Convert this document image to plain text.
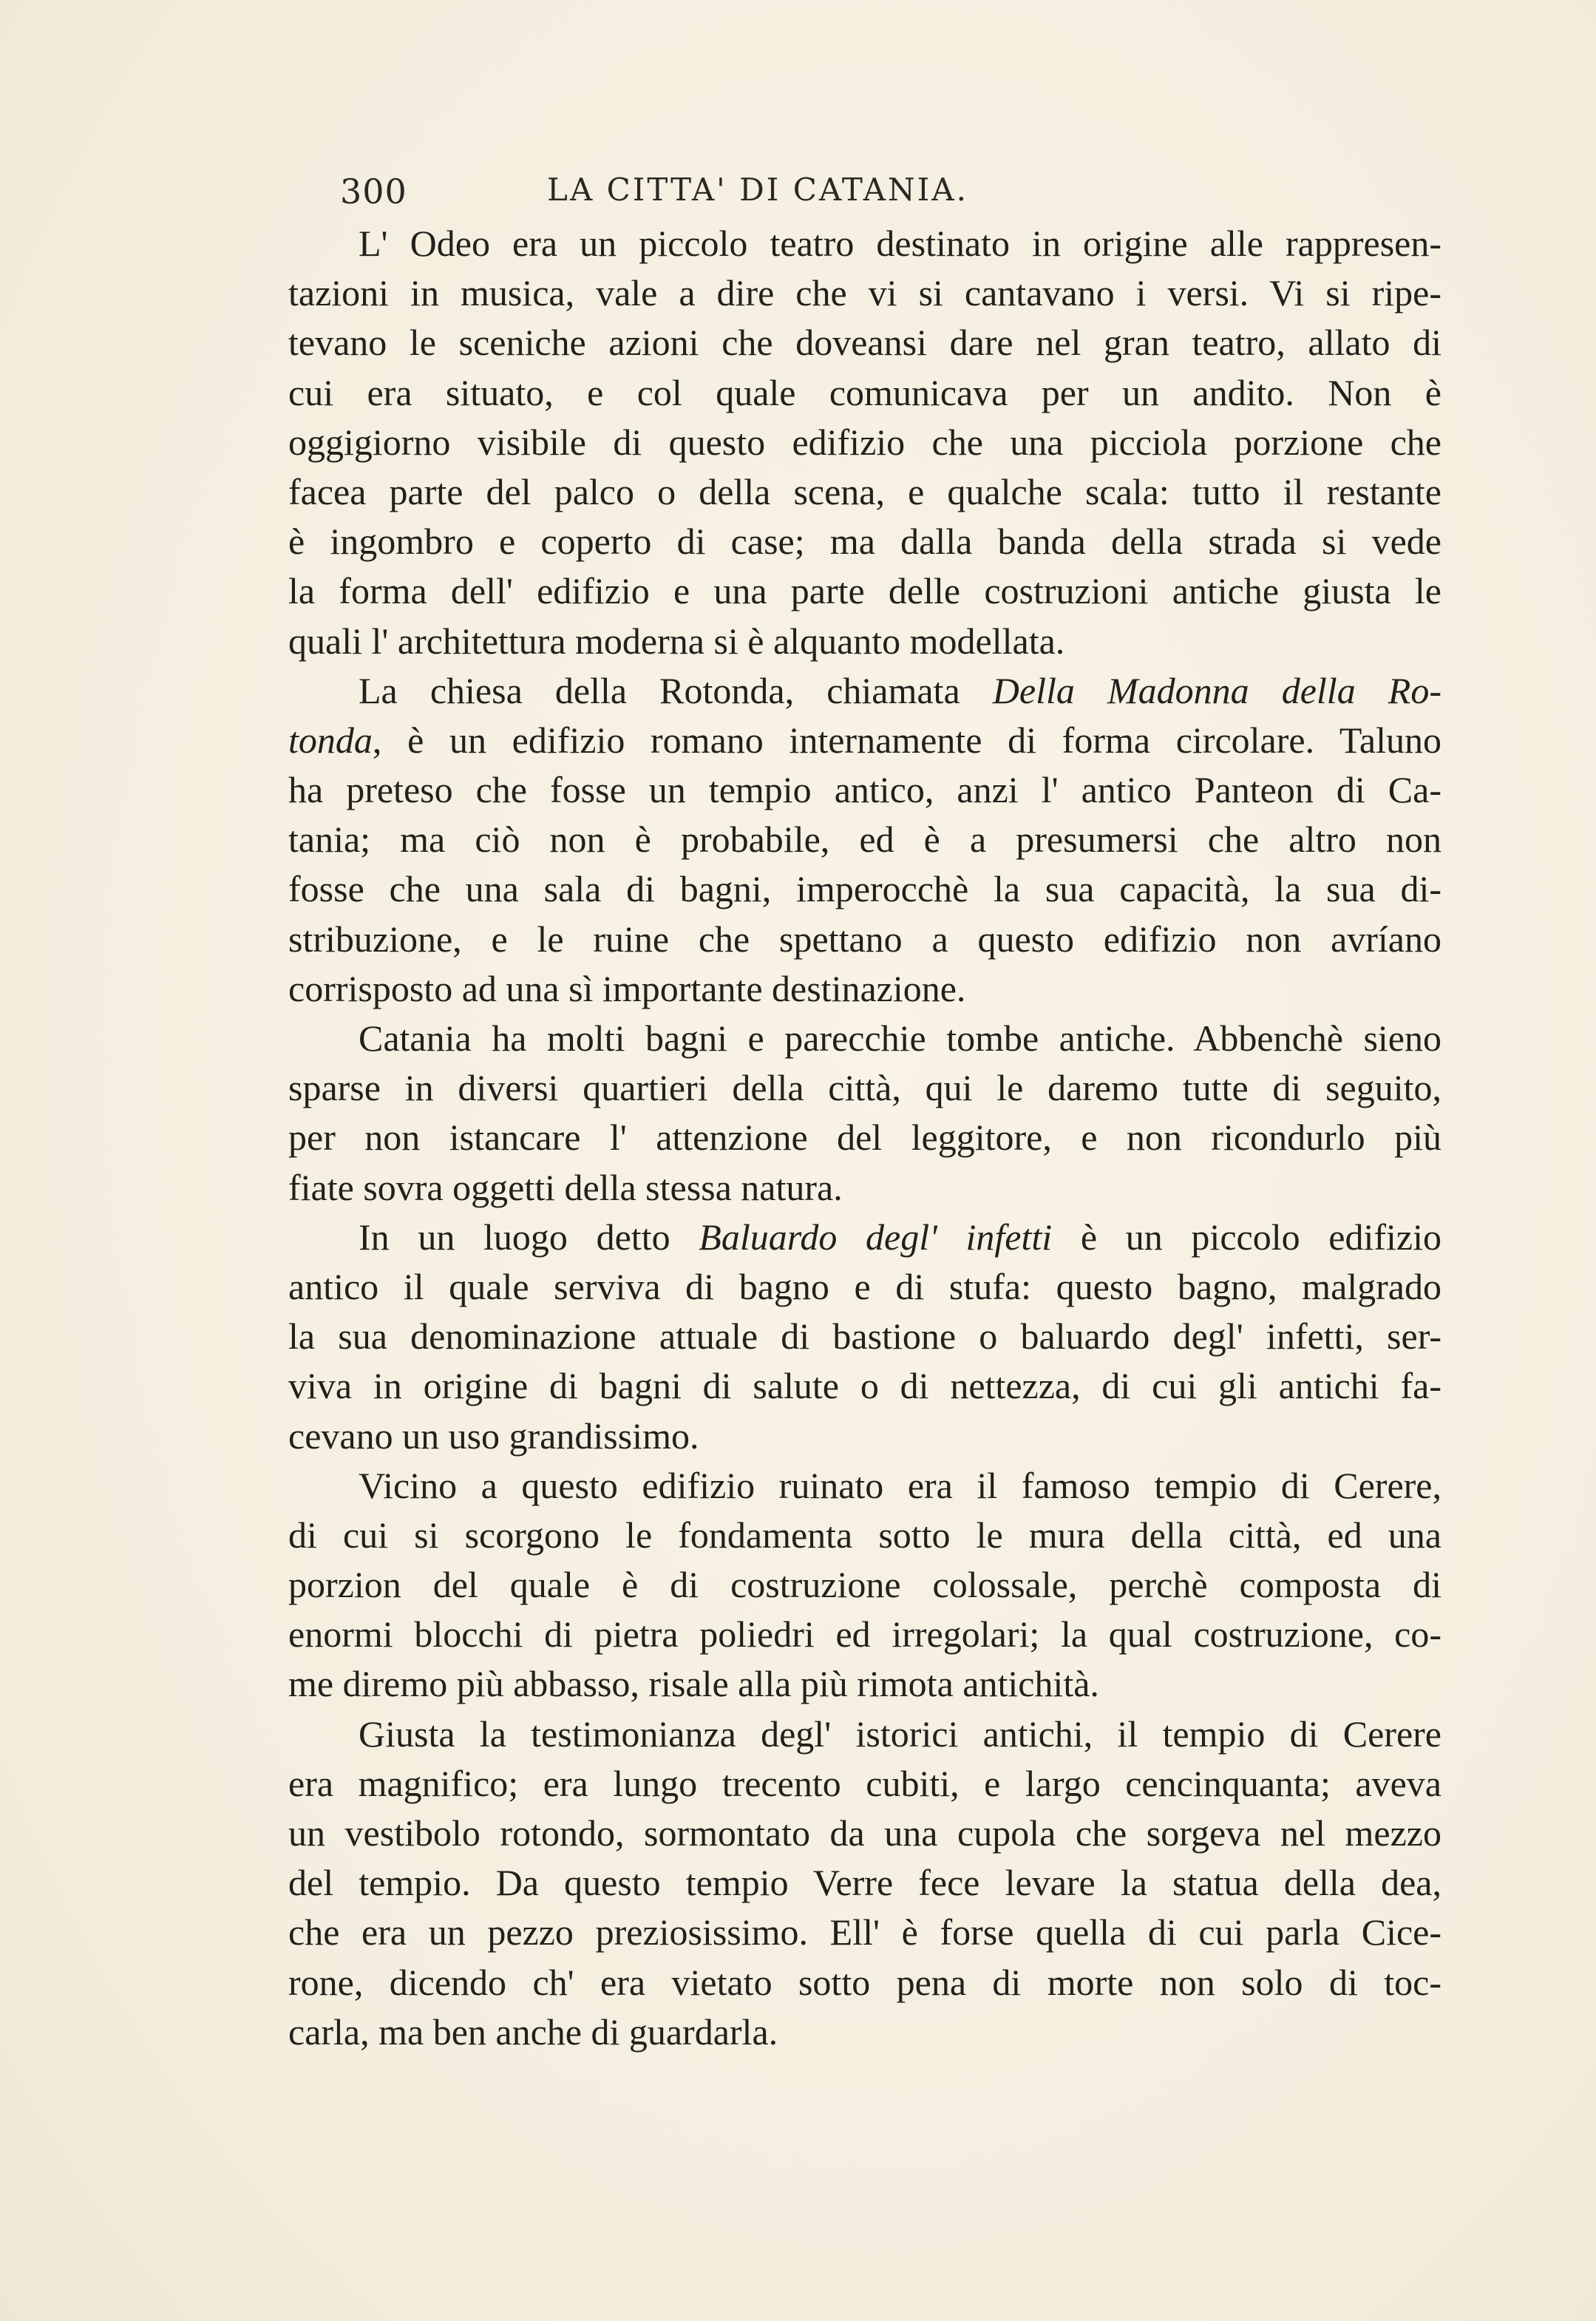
300	LA CITTA' DI CATANIA.
L' Odeo era un piccolo teatro destinato in origine alle rappresen-
tazioni in musica, vale a dire che vi si cantavano i versi. Vi si ripe-
tevano le sceniche azioni che doveansi dare nel gran teatro, allato di
cui era situato, e col quale comunicava per un andito. Non è
oggigiorno visibile di questo edifizio che una picciola porzione che
facea parte del palco o della scena, e qualche scala: tutto il restante
è ingombro e coperto di case; ma dalla banda della strada si vede
la forma dell' edifizio e una parte delle costruzioni antiche giusta le
quali l' architettura moderna si è alquanto modellata.
La chiesa della Rotonda, chiamata Della Madonna della Ro-
tonda, è un edifizio romano internamente di forma circolare. Taluno
ha preteso che fosse un tempio antico, anzi l' antico Panteon di Ca-
tania; ma ciò non è probabile, ed è a presumersi che altro non
fosse che una sala di bagni, imperocchè la sua capacità, la sua di-
stribuzione, e le ruine che spettano a questo edifizio non avríano
corrisposto ad una sì importante destinazione.
Catania ha molti bagni e parecchie tombe antiche. Abbenchè sieno
sparse in diversi quartieri della città, qui le daremo tutte di seguito,
per non istancare l' attenzione del leggitore, e non ricondurlo più
fiate sovra oggetti della stessa natura.
In un luogo detto Baluardo degl' infetti è un piccolo edifizio
antico il quale serviva di bagno e di stufa: questo bagno, malgrado
la sua denominazione attuale di bastione o baluardo degl' infetti, ser-
viva in origine di bagni di salute o di nettezza, di cui gli antichi fa-
cevano un uso grandissimo.
Vicino a questo edifizio ruinato era il famoso tempio di Cerere,
di cui si scorgono le fondamenta sotto le mura della città, ed una
porzion del quale è di costruzione colossale, perchè composta di
enormi blocchi di pietra poliedri ed irregolari; la qual costruzione, co-
me diremo più abbasso, risale alla più rimota antichità.
Giusta la testimonianza degl' istorici antichi, il tempio di Cerere
era magnifico; era lungo trecento cubiti, e largo cencinquanta; aveva
un vestibolo rotondo, sormontato da una cupola che sorgeva nel mezzo
del tempio. Da questo tempio Verre fece levare la statua della dea,
che era un pezzo preziosissimo. Ell' è forse quella di cui parla Cice-
rone, dicendo ch' era vietato sotto pena di morte non solo di toc-
carla, ma ben anche di guardarla.
